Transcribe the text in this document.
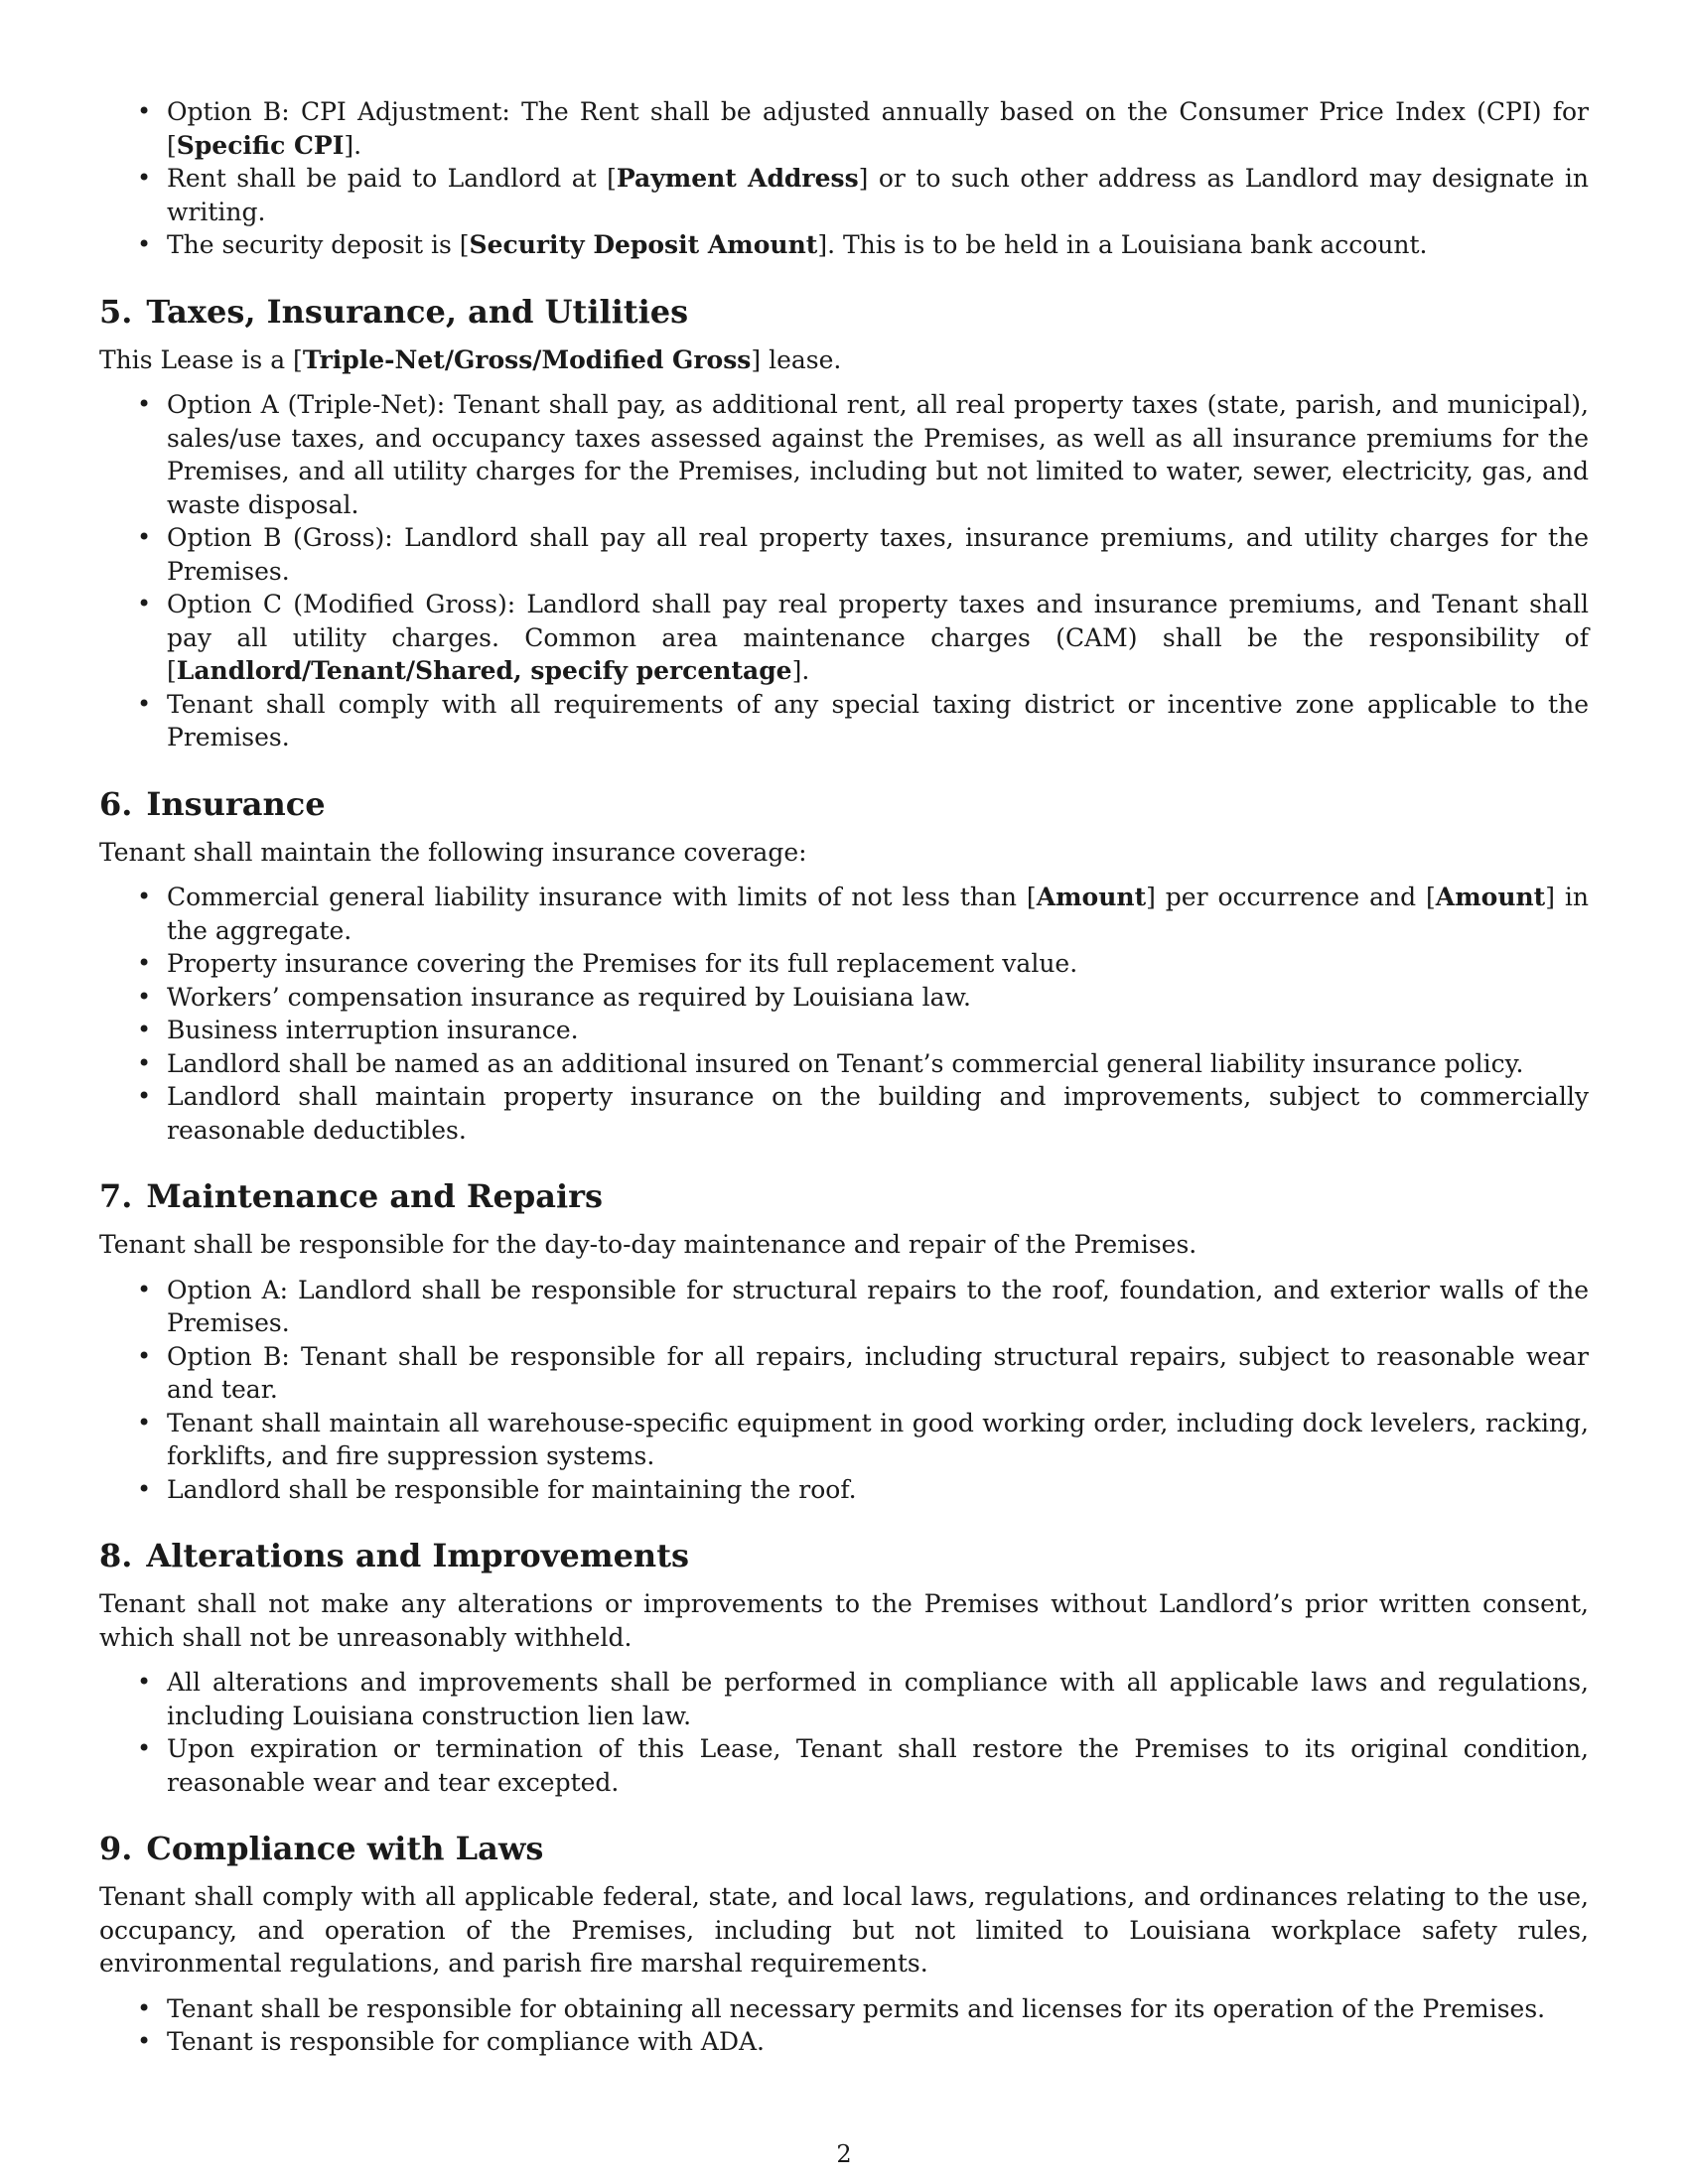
• Option B: CPI Adjustment: The Rent shall be adjusted annually based on the Consumer Price Index (CPI) for [Specific CPI].
• Rent shall be paid to Landlord at [Payment Address] or to such other address as Landlord may designate in writing.
• The security deposit is [Security Deposit Amount]. This is to be held in a Louisiana bank account.
5. Taxes, Insurance, and Utilities

This Lease is a [Triple-Net/Gross/Modified Gross] lease.

• Option A (Triple-Net): Tenant shall pay, as additional rent, all real property taxes (state, parish, and municipal), sales/use taxes, and occupancy taxes assessed against the Premises, as well as all insurance premiums for the Premises, and all utility charges for the Premises, including but not limited to water, sewer, electricity, gas, and waste disposal.
• Option B (Gross): Landlord shall pay all real property taxes, insurance premiums, and utility charges for the Premises.
• Option C (Modified Gross): Landlord shall pay real property taxes and insurance premiums, and Tenant shall pay all utility charges. Common area maintenance charges (CAM) shall be the responsibility of [Landlord/Tenant/Shared, specify percentage].
• Tenant shall comply with all requirements of any special taxing district or incentive zone applicable to the Premises.
6. Insurance

Tenant shall maintain the following insurance coverage:

• Commercial general liability insurance with limits of not less than [Amount] per occurrence and [Amount] in the aggregate.
• Property insurance covering the Premises for its full replacement value.
• Workers’ compensation insurance as required by Louisiana law.
• Business interruption insurance.
• Landlord shall be named as an additional insured on Tenant’s commercial general liability insurance policy.
• Landlord shall maintain property insurance on the building and improvements, subject to commercially reasonable deductibles.
7. Maintenance and Repairs

Tenant shall be responsible for the day-to-day maintenance and repair of the Premises.

• Option A: Landlord shall be responsible for structural repairs to the roof, foundation, and exterior walls of the Premises.
• Option B: Tenant shall be responsible for all repairs, including structural repairs, subject to reasonable wear and tear.
• Tenant shall maintain all warehouse-specific equipment in good working order, including dock levelers, racking, forklifts, and fire suppression systems.
• Landlord shall be responsible for maintaining the roof.
8. Alterations and Improvements

Tenant shall not make any alterations or improvements to the Premises without Landlord’s prior written consent, which shall not be unreasonably withheld.

• All alterations and improvements shall be performed in compliance with all applicable laws and regulations, including Louisiana construction lien law.
• Upon expiration or termination of this Lease, Tenant shall restore the Premises to its original condition, reasonable wear and tear excepted.
9. Compliance with Laws

Tenant shall comply with all applicable federal, state, and local laws, regulations, and ordinances relating to the use, occupancy, and operation of the Premises, including but not limited to Louisiana workplace safety rules, environmental regulations, and parish fire marshal requirements.

• Tenant shall be responsible for obtaining all necessary permits and licenses for its operation of the Premises.
• Tenant is responsible for compliance with ADA.
2
